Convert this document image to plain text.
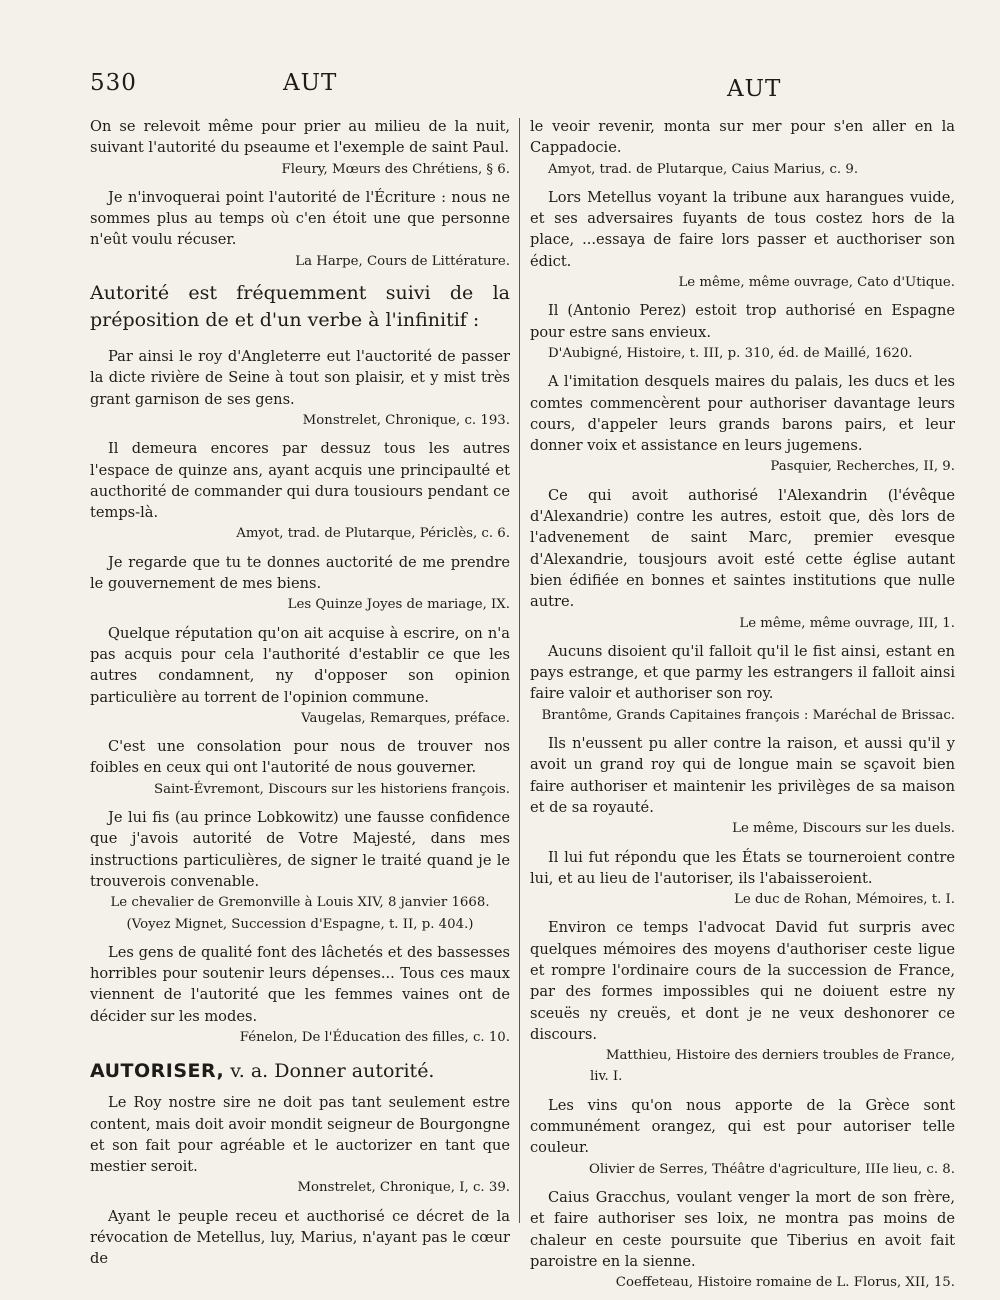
530	AUT	AUT

On se relevoit même pour prier au milieu de la nuit, suivant l'autorité du pseaume et l'exemple de saint Paul.

Fleury, Mœurs des Chrétiens, § 6.

Je n'invoquerai point l'autorité de l'Écriture : nous ne sommes plus au temps où c'en étoit une que personne n'eût voulu récuser.

La Harpe, Cours de Littérature.

Autorité est fréquemment suivi de la préposition de et d'un verbe à l'infinitif :

Par ainsi le roy d'Angleterre eut l'auctorité de passer la dicte rivière de Seine à tout son plaisir, et y mist très grant garnison de ses gens.

Monstrelet, Chronique, c. 193.

Il demeura encores par dessuz tous les autres l'espace de quinze ans, ayant acquis une principaulté et aucthorité de commander qui dura tousiours pendant ce temps-là.

Amyot, trad. de Plutarque, Périclès, c. 6.

Je regarde que tu te donnes auctorité de me prendre le gouvernement de mes biens.

Les Quinze Joyes de mariage, IX.

Quelque réputation qu'on ait acquise à escrire, on n'a pas acquis pour cela l'authorité d'establir ce que les autres condamnent, ny d'opposer son opinion particulière au torrent de l'opinion commune.

Vaugelas, Remarques, préface.

C'est une consolation pour nous de trouver nos foibles en ceux qui ont l'autorité de nous gouverner.

Saint-Évremont, Discours sur les historiens françois.

Je lui fis (au prince Lobkowitz) une fausse confidence que j'avois autorité de Votre Majesté, dans mes instructions particulières, de signer le traité quand je le trouverois convenable.

Le chevalier de Gremonville à Louis XIV, 8 janvier 1668.

(Voyez Mignet, Succession d'Espagne, t. II, p. 404.)

Les gens de qualité font des lâchetés et des bassesses horribles pour soutenir leurs dépenses... Tous ces maux viennent de l'autorité que les femmes vaines ont de décider sur les modes.

Fénelon, De l'Éducation des filles, c. 10.

AUTORISER, v. a. Donner autorité.

Le Roy nostre sire ne doit pas tant seulement estre content, mais doit avoir mondit seigneur de Bourgongne et son fait pour agréable et le auctorizer en tant que mestier seroit.

Monstrelet, Chronique, I, c. 39.

Ayant le peuple receu et aucthorisé ce décret de la révocation de Metellus, luy, Marius, n'ayant pas le cœur de

le veoir revenir, monta sur mer pour s'en aller en la Cappadocie.

Amyot, trad. de Plutarque, Caius Marius, c. 9.

Lors Metellus voyant la tribune aux harangues vuide, et ses adversaires fuyants de tous costez hors de la place, ...essaya de faire lors passer et aucthoriser son édict.

Le même, même ouvrage, Cato d'Utique.

Il (Antonio Perez) estoit trop authorisé en Espagne pour estre sans envieux.

D'Aubigné, Histoire, t. III, p. 310, éd. de Maillé, 1620.

A l'imitation desquels maires du palais, les ducs et les comtes commencèrent pour authoriser davantage leurs cours, d'appeler leurs grands barons pairs, et leur donner voix et assistance en leurs jugemens.

Pasquier, Recherches, II, 9.

Ce qui avoit authorisé l'Alexandrin (l'évêque d'Alexandrie) contre les autres, estoit que, dès lors de l'advenement de saint Marc, premier evesque d'Alexandrie, tousjours avoit esté cette église autant bien édifiée en bonnes et saintes institutions que nulle autre.

Le même, même ouvrage, III, 1.

Aucuns disoient qu'il falloit qu'il le fist ainsi, estant en pays estrange, et que parmy les estrangers il falloit ainsi faire valoir et authoriser son roy.

Brantôme, Grands Capitaines françois : Maréchal de Brissac.

Ils n'eussent pu aller contre la raison, et aussi qu'il y avoit un grand roy qui de longue main se sçavoit bien faire authoriser et maintenir les privilèges de sa maison et de sa royauté.

Le même, Discours sur les duels.

Il lui fut répondu que les États se tourneroient contre lui, et au lieu de l'autoriser, ils l'abaisseroient.

Le duc de Rohan, Mémoires, t. I.

Environ ce temps l'advocat David fut surpris avec quelques mémoires des moyens d'authoriser ceste ligue et rompre l'ordinaire cours de la succession de France, par des formes impossibles qui ne doiuent estre ny sceuës ny creuës, et dont je ne veux deshonorer ce discours.

Matthieu, Histoire des derniers troubles de France,

liv. I.

Les vins qu'on nous apporte de la Grèce sont communément orangez, qui est pour autoriser telle couleur.

Olivier de Serres, Théâtre d'agriculture, IIIe lieu, c. 8.

Caius Gracchus, voulant venger la mort de son frère, et faire authoriser ses loix, ne montra pas moins de chaleur en ceste poursuite que Tiberius en avoit fait paroistre en la sienne.

Coeffeteau, Histoire romaine de L. Florus, XII, 15.
